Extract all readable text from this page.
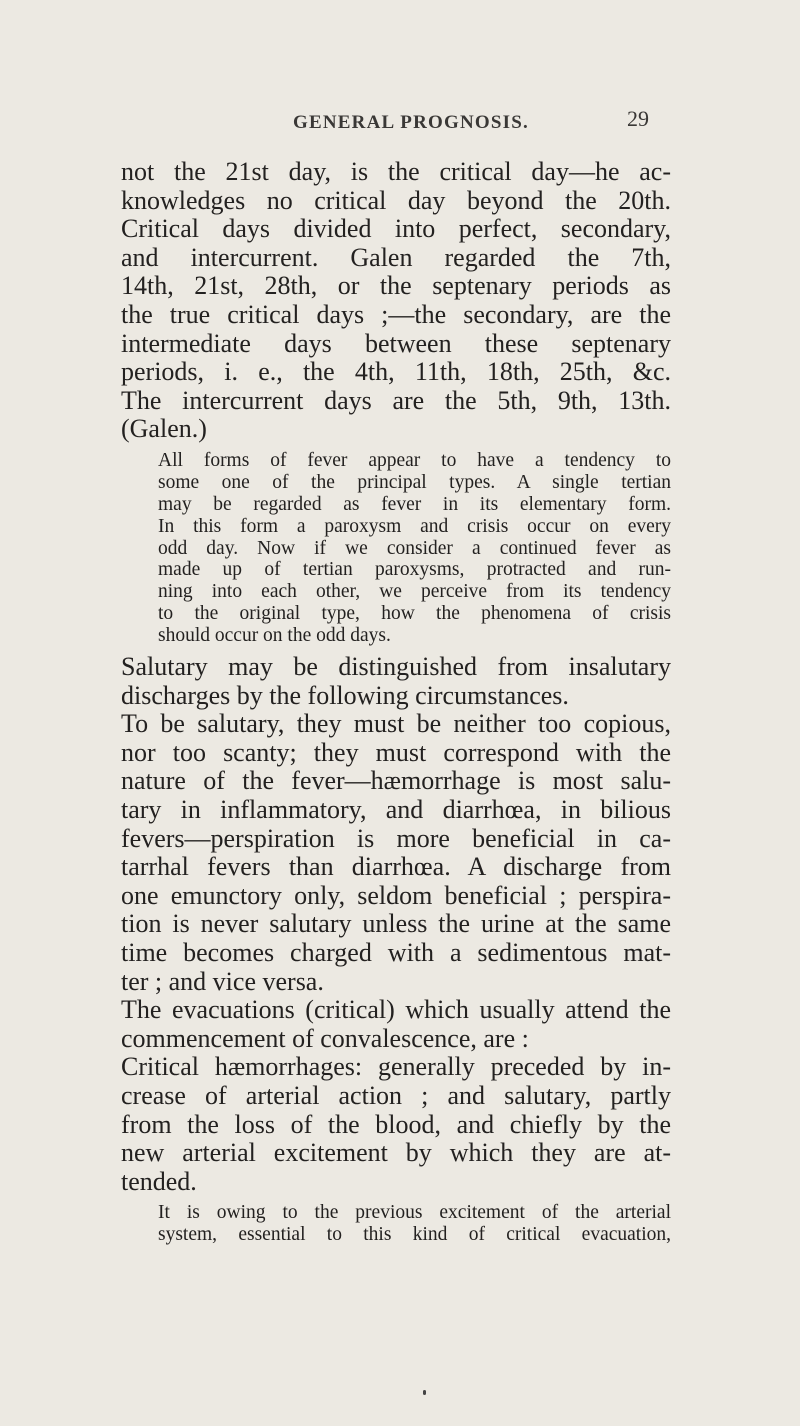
GENERAL PROGNOSIS.	29

not the 21st day, is the critical day—he ac-
knowledges no critical day beyond the 20th.
Critical days divided into perfect, secondary,
and intercurrent. Galen regarded the 7th,
14th, 21st, 28th, or the septenary periods as
the true critical days ;—the secondary, are the
intermediate days between these septenary
periods, i. e., the 4th, 11th, 18th, 25th, &c.
The intercurrent days are the 5th, 9th, 13th.
(Galen.)

All forms of fever appear to have a tendency to
some one of the principal types. A single tertian
may be regarded as fever in its elementary form.
In this form a paroxysm and crisis occur on every
odd day. Now if we consider a continued fever as
made up of tertian paroxysms, protracted and run-
ning into each other, we perceive from its tendency
to the original type, how the phenomena of crisis
should occur on the odd days.

Salutary may be distinguished from insalutary
discharges by the following circumstances.

To be salutary, they must be neither too copious,
nor too scanty; they must correspond with the
nature of the fever—hæmorrhage is most salu-
tary in inflammatory, and diarrhœa, in bilious
fevers—perspiration is more beneficial in ca-
tarrhal fevers than diarrhœa. A discharge from
one emunctory only, seldom beneficial ; perspira-
tion is never salutary unless the urine at the same
time becomes charged with a sedimentous mat-
ter ; and vice versa.

The evacuations (critical) which usually attend the
commencement of convalescence, are :

Critical hæmorrhages: generally preceded by in-
crease of arterial action ; and salutary, partly
from the loss of the blood, and chiefly by the
new arterial excitement by which they are at-
tended.

It is owing to the previous excitement of the arterial
system, essential to this kind of critical evacuation,
